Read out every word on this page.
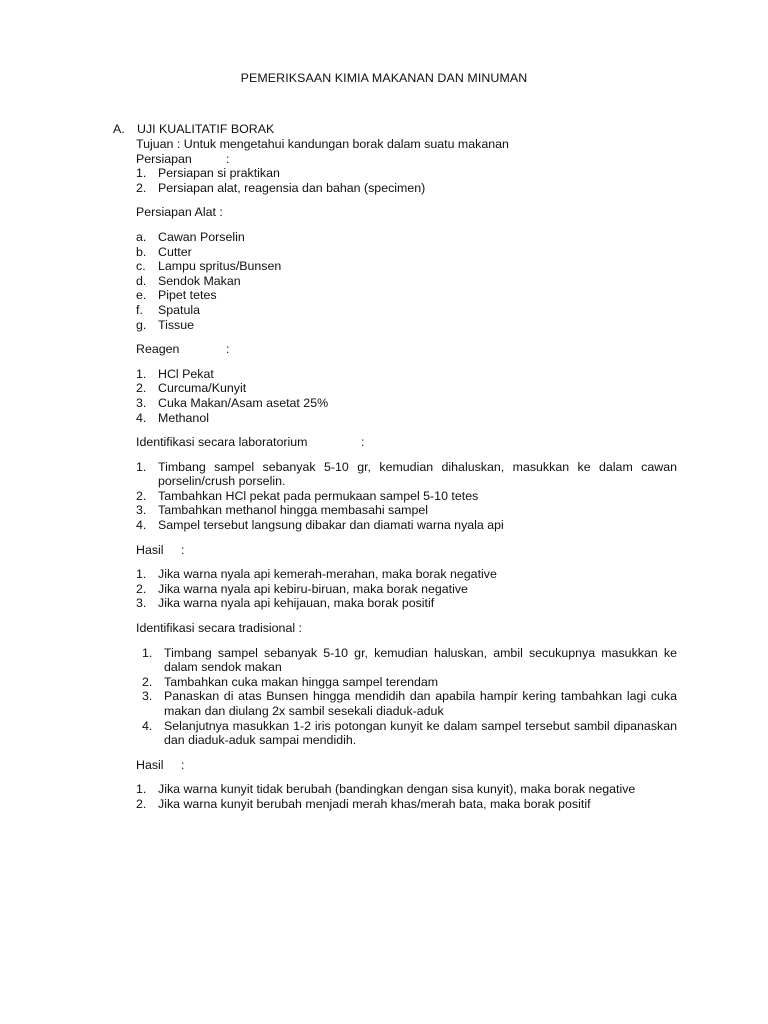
PEMERIKSAAN KIMIA MAKANAN DAN MINUMAN
A. UJI KUALITATIF BORAK
Tujuan : Untuk mengetahui kandungan borak dalam suatu makanan
Persiapan	:
1. Persiapan si praktikan
2. Persiapan alat, reagensia dan bahan (specimen)
Persiapan Alat :
a. Cawan Porselin
b. Cutter
c. Lampu spritus/Bunsen
d. Sendok Makan
e. Pipet tetes
f. Spatula
g. Tissue
Reagen	:
1. HCl Pekat
2. Curcuma/Kunyit
3. Cuka Makan/Asam asetat 25%
4. Methanol
Identifikasi secara laboratorium	:
1. Timbang sampel sebanyak 5-10 gr, kemudian dihaluskan, masukkan ke dalam cawan porselin/crush porselin.
2. Tambahkan HCl pekat pada permukaan sampel 5-10 tetes
3. Tambahkan methanol hingga membasahi sampel
4. Sampel tersebut langsung dibakar dan diamati warna nyala api
Hasil :
1. Jika warna nyala api kemerah-merahan, maka borak negative
2. Jika warna nyala api kebiru-biruan, maka borak negative
3. Jika warna nyala api kehijauan, maka borak positif
Identifikasi secara tradisional :
1. Timbang sampel sebanyak 5-10 gr, kemudian haluskan, ambil secukupnya masukkan ke dalam sendok makan
2. Tambahkan cuka makan hingga sampel terendam
3. Panaskan di atas Bunsen hingga mendidih dan apabila hampir kering tambahkan lagi cuka makan dan diulang 2x sambil sesekali diaduk-aduk
4. Selanjutnya masukkan 1-2 iris potongan kunyit ke dalam sampel tersebut sambil dipanaskan dan diaduk-aduk sampai mendidih.
Hasil :
1. Jika warna kunyit tidak berubah (bandingkan dengan sisa kunyit), maka borak negative
2. Jika warna kunyit berubah menjadi merah khas/merah bata, maka borak positif
